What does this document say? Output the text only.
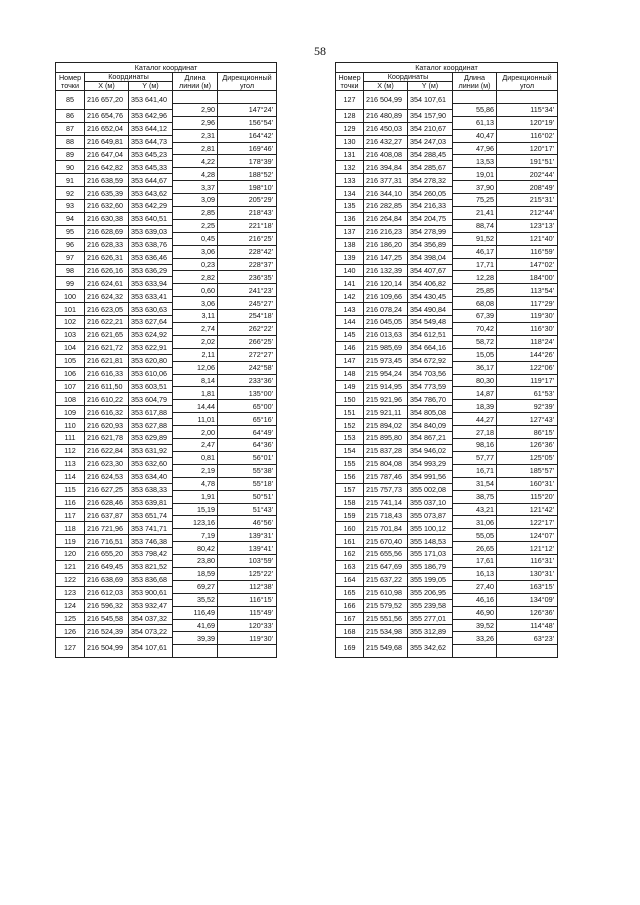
58
Каталог координат				
Номер точки	Координаты		Длина линии (м)	Дирекционный угол
	X (м)	Y (м)		
85	216 657,20	353 641,40		
			2,90	147°24'
86	216 654,76	353 642,96		
			2,96	156°54'
87	216 652,04	353 644,12		
			2,31	164°42'
88	216 649,81	353 644,73		
			2,81	169°46'
89	216 647,04	353 645,23		
			4,22	178°39'
90	216 642,82	353 645,33		
			4,28	188°52'
91	216 638,59	353 644,67		
			3,37	198°10'
92	216 635,39	353 643,62		
			3,09	205°29'
93	216 632,60	353 642,29		
			2,85	218°43'
94	216 630,38	353 640,51		
			2,25	221°18'
95	216 628,69	353 639,03		
			0,45	216°25'
96	216 628,33	353 638,76		
			3,06	228°42'
97	216 626,31	353 636,46		
			0,23	228°37'
98	216 626,16	353 636,29		
			2,82	236°35'
99	216 624,61	353 633,94		
			0,60	241°23'
100	216 624,32	353 633,41		
			3,06	245°27'
101	216 623,05	353 630,63		
			3,11	254°18'
102	216 622,21	353 627,64		
			2,74	262°22'
103	216 621,65	353 624,92		
			2,02	266°25'
104	216 621,72	353 622,91		
			2,11	272°27'
105	216 621,81	353 620,80		
			12,06	242°58'
106	216 616,33	353 610,06		
			8,14	233°36'
107	216 611,50	353 603,51		
			1,81	135°00'
108	216 610,22	353 604,79		
			14,44	65°00'
109	216 616,32	353 617,88		
			11,01	65°16'
110	216 620,93	353 627,88		
			2,00	64°49'
111	216 621,78	353 629,89		
			2,47	64°36'
112	216 622,84	353 631,92		
			0,81	56°01'
113	216 623,30	353 632,60		
			2,19	55°38'
114	216 624,53	353 634,40		
			4,78	55°18'
115	216 627,25	353 638,33		
			1,91	50°51'
116	216 628,46	353 639,81		
			15,19	51°43'
117	216 637,87	353 651,74		
			123,16	46°56'
118	216 721,96	353 741,71		
			7,19	139°31'
119	216 716,51	353 746,38		
			80,42	139°41'
120	216 655,20	353 798,42		
			23,80	103°59'
121	216 649,45	353 821,52		
			18,59	125°22'
122	216 638,69	353 836,68		
			69,27	112°38'
123	216 612,03	353 900,61		
			35,52	116°15'
124	216 596,32	353 932,47		
			116,49	115°49'
125	216 545,58	354 037,32		
			41,69	120°33'
126	216 524,39	354 073,22		
			39,39	119°30'
127	216 504,99	354 107,61		

Каталог координат				
Номер точки	Координаты		Длина линии (м)	Дирекционный угол
	X (м)	Y (м)		
127	216 504,99	354 107,61		
			55,86	115°34'
128	216 480,89	354 157,90		
			61,13	120°19'
129	216 450,03	354 210,67		
			40,47	116°02'
130	216 432,27	354 247,03		
			47,96	120°17'
131	216 408,08	354 288,45		
			13,53	191°51'
132	216 394,84	354 285,67		
			19,01	202°44'
133	216 377,31	354 278,32		
			37,90	208°49'
134	216 344,10	354 260,05		
			75,25	215°31'
135	216 282,85	354 216,33		
			21,41	212°44'
136	216 264,84	354 204,75		
			88,74	123°13'
137	216 216,23	354 278,99		
			91,52	121°40'
138	216 186,20	354 356,89		
			46,17	116°59'
139	216 147,25	354 398,04		
			17,71	147°02'
140	216 132,39	354 407,67		
			12,28	184°00'
141	216 120,14	354 406,82		
			25,85	113°54'
142	216 109,66	354 430,45		
			68,08	117°29'
143	216 078,24	354 490,84		
			67,39	119°30'
144	216 045,05	354 549,48		
			70,42	116°30'
145	216 013,63	354 612,51		
			58,72	118°24'
146	215 985,69	354 664,16		
			15,05	144°26'
147	215 973,45	354 672,92		
			36,17	122°06'
148	215 954,24	354 703,56		
			80,30	119°17'
149	215 914,95	354 773,59		
			14,87	61°53'
150	215 921,96	354 786,70		
			18,39	92°39'
151	215 921,11	354 805,08		
			44,27	127°43'
152	215 894,02	354 840,09		
			27,18	86°15'
153	215 895,80	354 867,21		
			98,16	126°36'
154	215 837,28	354 946,02		
			57,77	125°05'
155	215 804,08	354 993,29		
			16,71	185°57'
156	215 787,46	354 991,56		
			31,54	160°31'
157	215 757,73	355 002,08		
			38,75	115°20'
158	215 741,14	355 037,10		
			43,21	121°42'
159	215 718,43	355 073,87		
			31,06	122°17'
160	215 701,84	355 100,12		
			55,05	124°07'
161	215 670,40	355 148,53		
			26,65	121°12'
162	215 655,56	355 171,03		
			17,61	116°31'
163	215 647,69	355 186,79		
			16,13	130°31'
164	215 637,22	355 199,05		
			27,40	163°15'
165	215 610,98	355 206,95		
			46,16	134°09'
166	215 579,52	355 239,58		
			46,90	126°36'
167	215 551,56	355 277,01		
			39,52	114°48'
168	215 534,98	355 312,89		
			33,26	63°23'
169	215 549,68	355 342,62		
